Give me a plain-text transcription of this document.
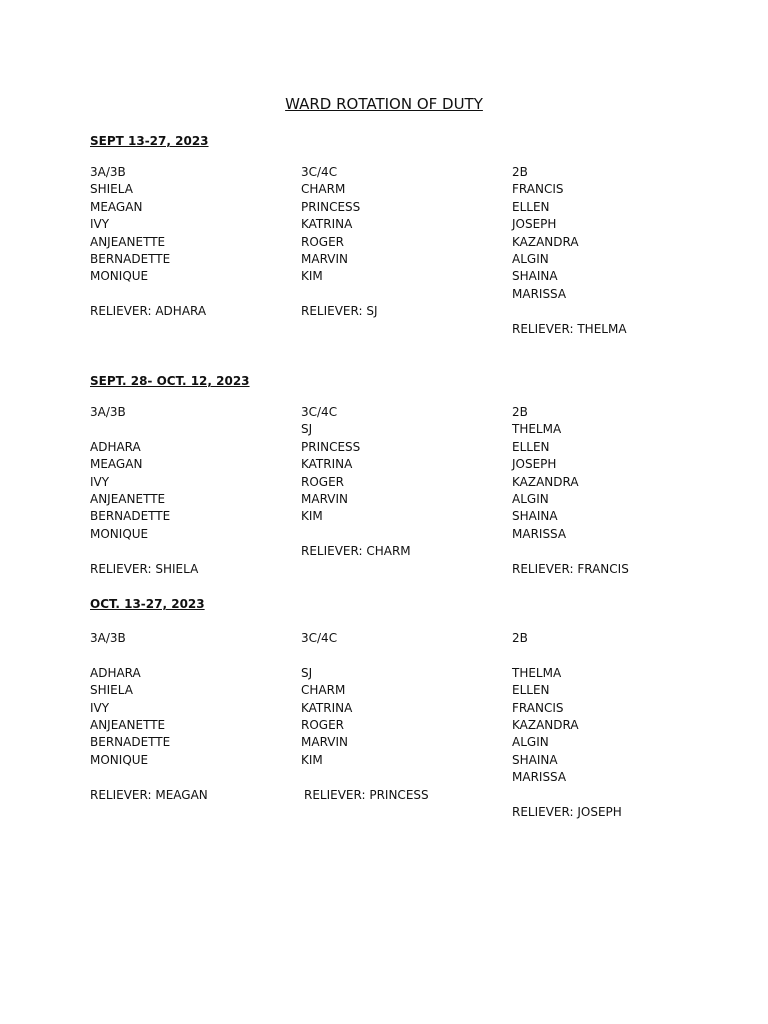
WARD ROTATION OF DUTY
SEPT 13-27, 2023
3A/3B
SHIELA
MEAGAN
IVY
ANJEANETTE
BERNADETTE
MONIQUE
RELIEVER: ADHARA
3C/4C
CHARM
PRINCESS
KATRINA
ROGER
MARVIN
KIM
RELIEVER: SJ
2B
FRANCIS
ELLEN
JOSEPH
KAZANDRA
ALGIN
SHAINA
MARISSA
RELIEVER: THELMA
SEPT. 28- OCT. 12, 2023
3A/3B
ADHARA
MEAGAN
IVY
ANJEANETTE
BERNADETTE
MONIQUE
RELIEVER: SHIELA
3C/4C
SJ
PRINCESS
KATRINA
ROGER
MARVIN
KIM
RELIEVER: CHARM
2B
THELMA
ELLEN
JOSEPH
KAZANDRA
ALGIN
SHAINA
MARISSA
RELIEVER: FRANCIS
OCT. 13-27, 2023
3A/3B
ADHARA
SHIELA
IVY
ANJEANETTE
BERNADETTE
MONIQUE
RELIEVER: MEAGAN
3C/4C
SJ
CHARM
KATRINA
ROGER
MARVIN
KIM
RELIEVER: PRINCESS
2B
THELMA
ELLEN
FRANCIS
KAZANDRA
ALGIN
SHAINA
MARISSA
RELIEVER: JOSEPH
